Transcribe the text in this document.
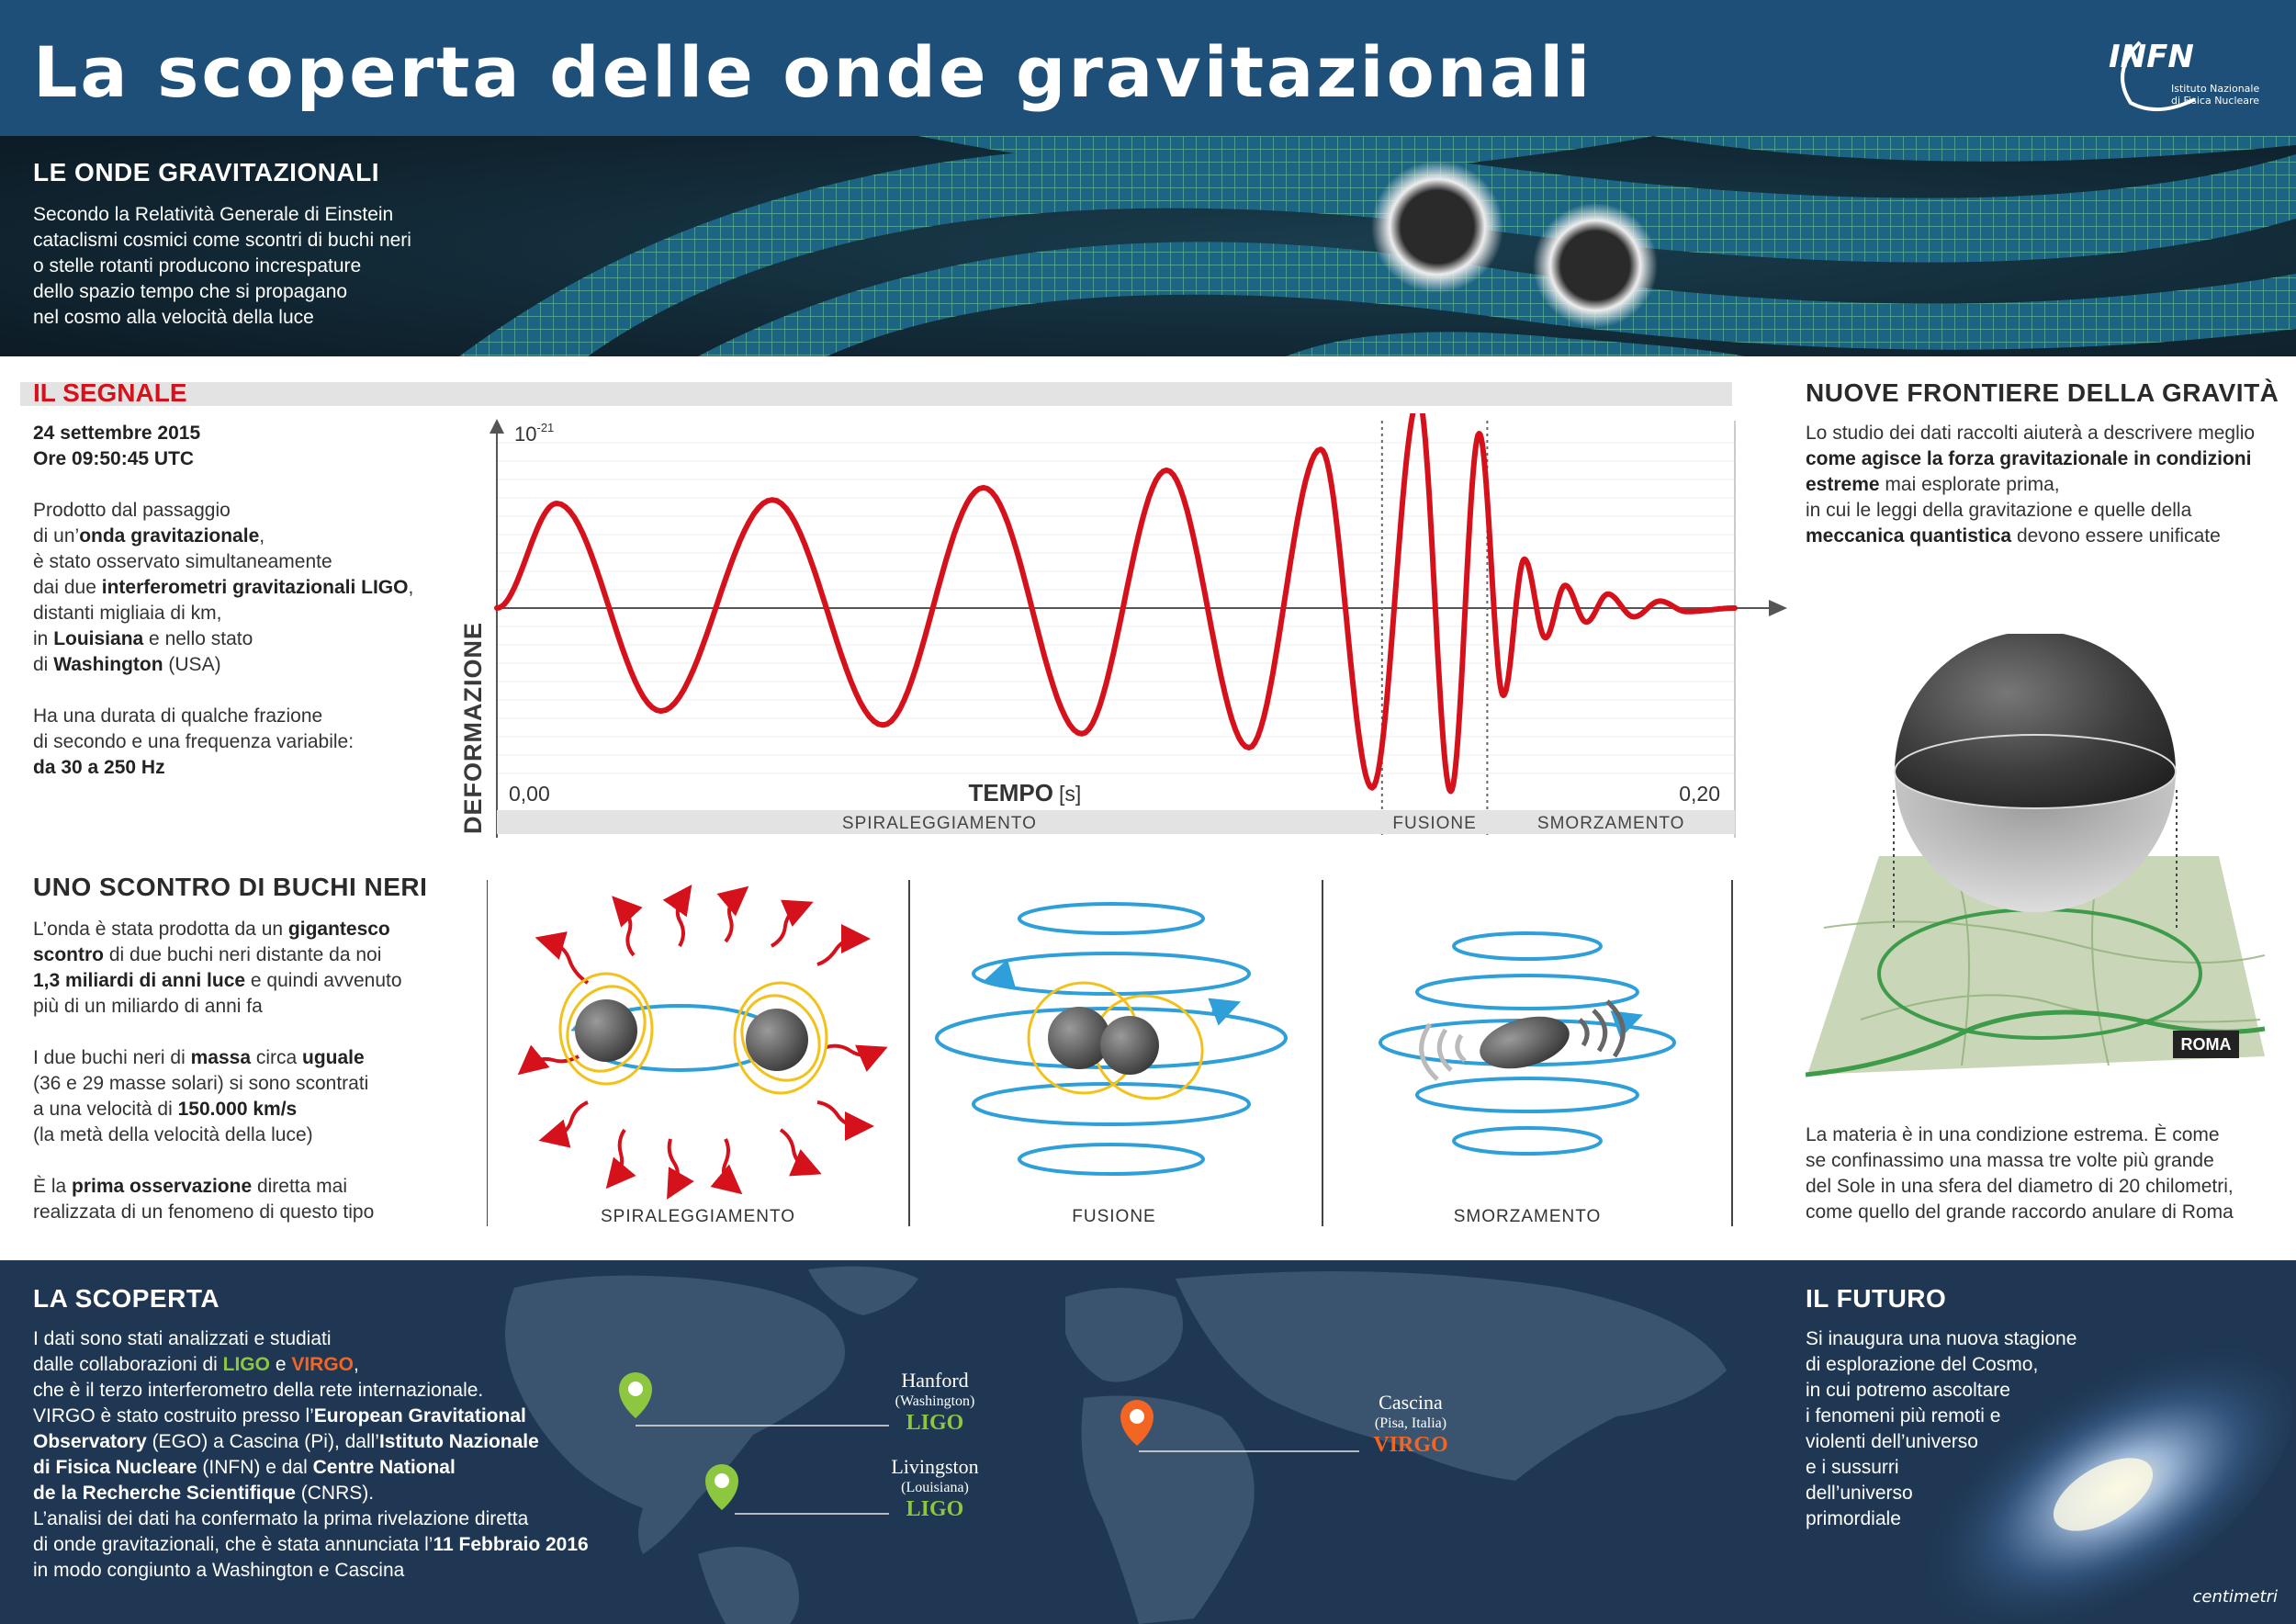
La scoperta delle onde gravitazionali	INFN
Istituto Nazionale
di Fisica Nucleare
LE ONDE GRAVITAZIONALI
Secondo la Relatività Generale di Einstein
cataclismi cosmici come scontri di buchi neri
o stelle rotanti producono increspature
dello spazio tempo che si propagano
nel cosmo alla velocità della luce
IL SEGNALE
24 settembre 2015
Ore 09:50:45 UTC
Prodotto dal passaggio
di un’onda gravitazionale,
è stato osservato simultaneamente
dai due interferometri gravitazionali LIGO,
distanti migliaia di km,
in Louisiana e nello stato
di Washington (USA)
Ha una durata di qualche frazione
di secondo e una frequenza variabile:
da 30 a 250 Hz
$10^{-21}$
DEFORMAZIONE 0,00	0,20
TEMPO [s]
SPIRALEGGIAMENTO	FUSIONE	SMORZAMENTO
UNO SCONTRO DI BUCHI NERI
L’onda è stata prodotta da un gigantesco
scontro di due buchi neri distante da noi
1,3 miliardi di anni luce e quindi avvenuto
più di un miliardo di anni fa
I due buchi neri di massa circa uguale
(36 e 29 masse solari) si sono scontrati
a una velocità di 150.000 km/s
(la metà della velocità della luce)
È la prima osservazione diretta mai
realizzata di un fenomeno di questo tipo	SPIRALEGGIAMENTO	FUSIONE	SMORZAMENTO
NUOVE FRONTIERE DELLA GRAVITÀ
Lo studio dei dati raccolti aiuterà a descrivere meglio
come agisce la forza gravitazionale in condizioni
estreme mai esplorate prima,
in cui le leggi della gravitazione e quelle della
meccanica quantistica devono essere unificate
ROMA
La materia è in una condizione estrema. È come
se confinassimo una massa tre volte più grande
del Sole in una sfera del diametro di 20 chilometri,
come quello del grande raccordo anulare di Roma
Hanford
(Washington)
LIGO
Livingston
(Louisiana)
LIGO
Cascina
(Pisa, Italia)
VIRGO
LA SCOPERTA
I dati sono stati analizzati e studiati
dalle collaborazioni di LIGO e VIRGO,
che è il terzo interferometro della rete internazionale.
VIRGO è stato costruito presso l’European Gravitational
Observatory (EGO) a Cascina (Pi), dall’Istituto Nazionale
di Fisica Nucleare (INFN) e dal Centre National
de la Recherche Scientifique (CNRS).
L’analisi dei dati ha confermato la prima rivelazione diretta
di onde gravitazionali, che è stata annunciata l’11 Febbraio 2016
in modo congiunto a Washington e Cascina
IL FUTURO
Si inaugura una nuova stagione
di esplorazione del Cosmo,
in cui potremo ascoltare
i fenomeni più remoti e
violenti dell’universo
e i sussurri
dell’universo
primordiale
centimetri
